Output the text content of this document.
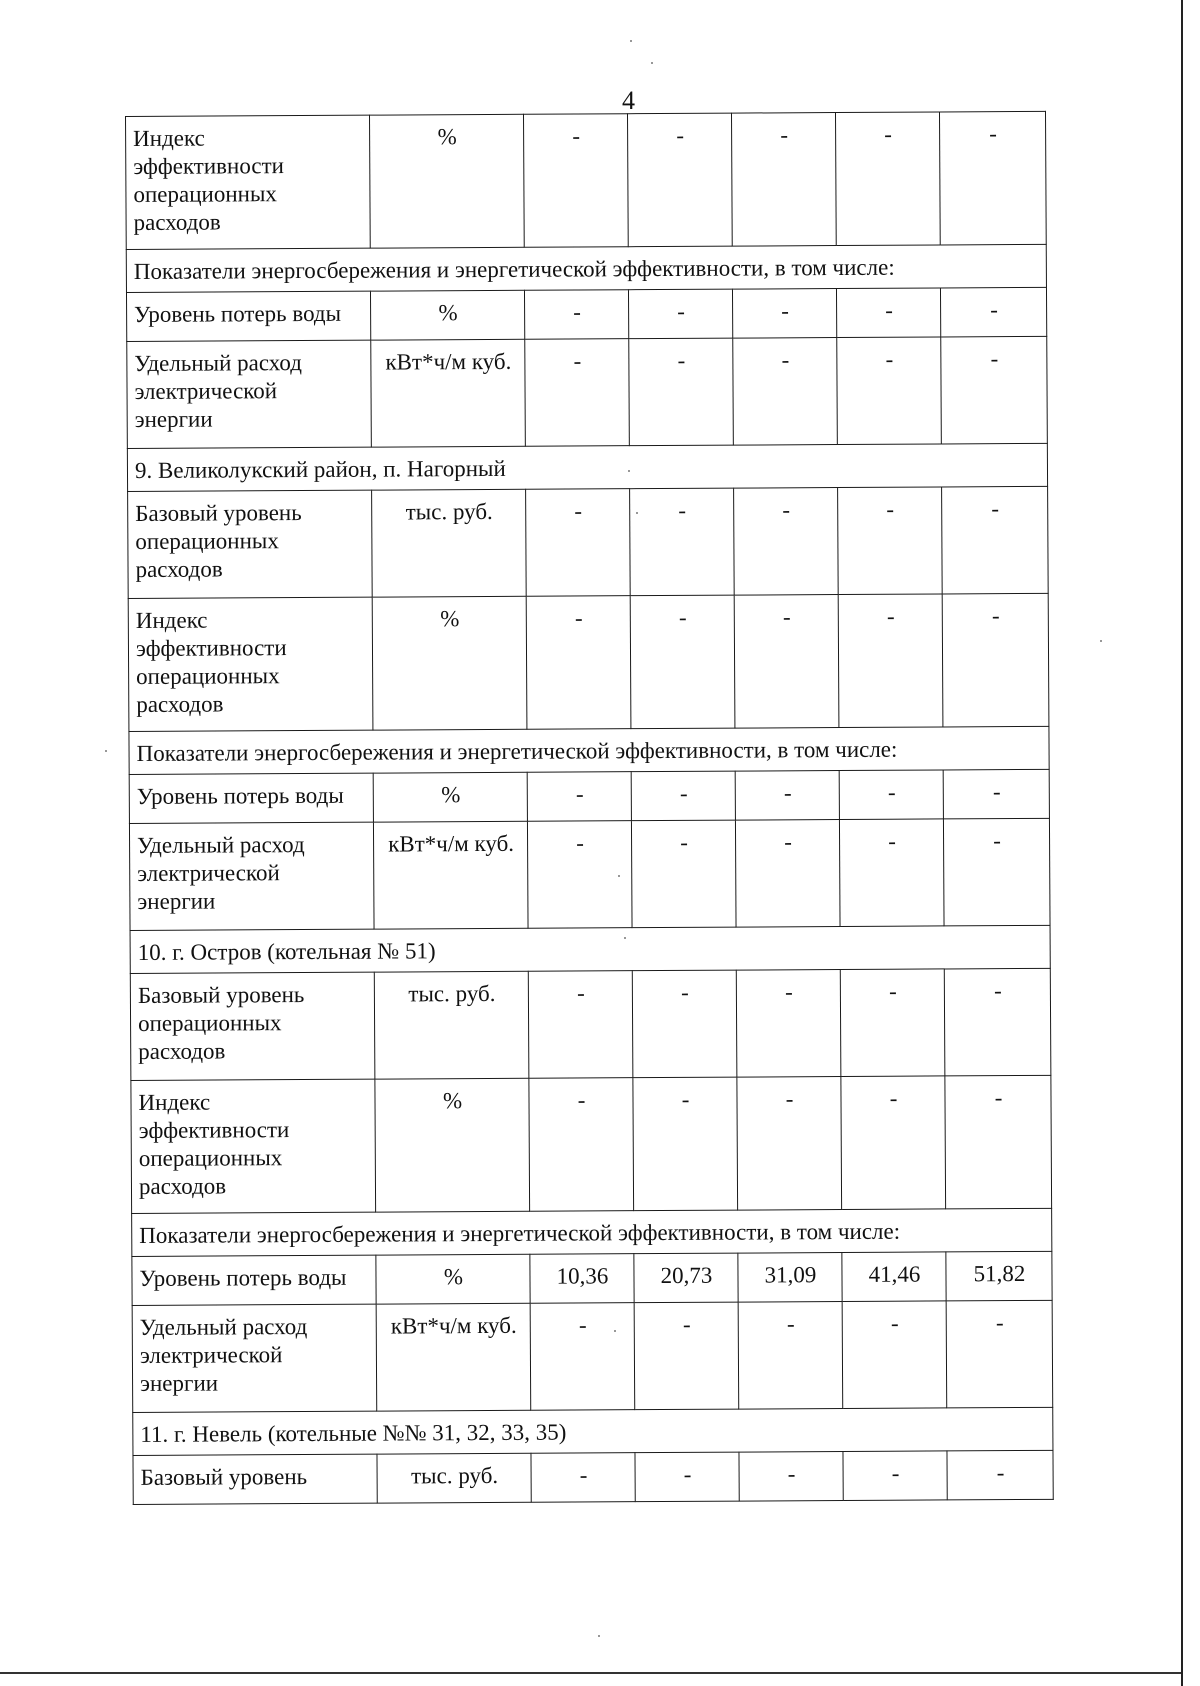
4
Индекс
эффективности
операционных
расходов	%	-	-	-	-	-
Показатели энергосбережения и энергетической эффективности, в том числе:						
Уровень потерь воды	%	-	-	-	-	-
Удельный расход
электрической
энергии	кВт*ч/м куб.	-	-	-	-	-
9. Великолукский район, п. Нагорный						
Базовый уровень
операционных
расходов	тыс. руб.	-	-	-	-	-
Индекс
эффективности
операционных
расходов	%	-	-	-	-	-
Показатели энергосбережения и энергетической эффективности, в том числе:						
Уровень потерь воды	%	-	-	-	-	-
Удельный расход
электрической
энергии	кВт*ч/м куб.	-	-	-	-	-
10. г. Остров (котельная № 51)						
Базовый уровень
операционных
расходов	тыс. руб.	-	-	-	-	-
Индекс
эффективности
операционных
расходов	%	-	-	-	-	-
Показатели энергосбережения и энергетической эффективности, в том числе:						
Уровень потерь воды	%	10,36	20,73	31,09	41,46	51,82
Удельный расход
электрической
энергии	кВт*ч/м куб.	-	-	-	-	-
11. г. Невель (котельные №№ 31, 32, 33, 35)						
Базовый уровень	тыс. руб.	-	-	-	-	-
